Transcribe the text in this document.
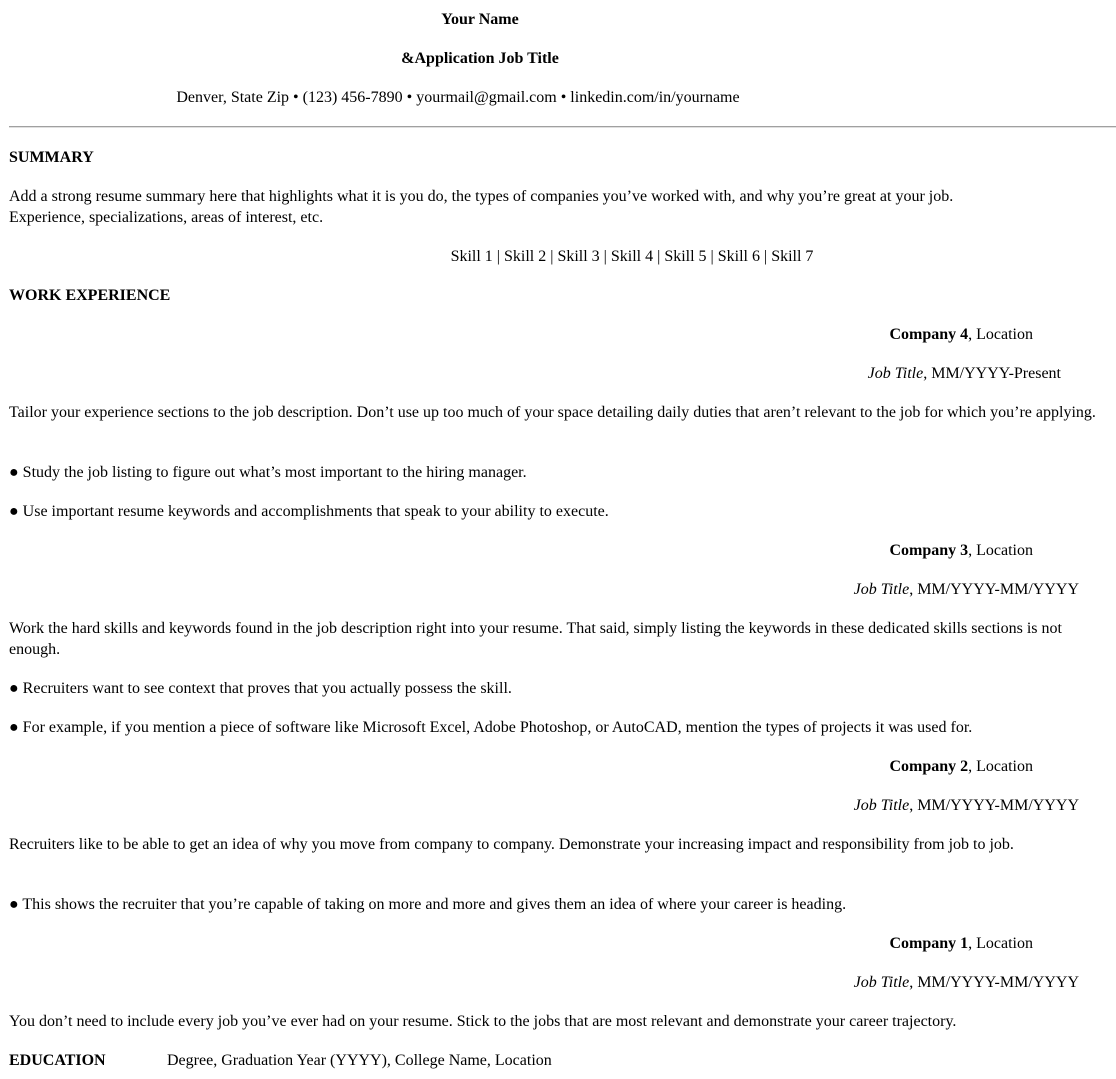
Your Name
&Application Job Title
Denver, State Zip • (123) 456-7890 • yourmail@gmail.com • linkedin.com/in/yourname
SUMMARY
Add a strong resume summary here that highlights what it is you do, the types of companies you’ve worked with, and why you’re great at your job. Experience, specializations, areas of interest, etc.
Skill 1 | Skill 2 | Skill 3 | Skill 4 | Skill 5 | Skill 6 | Skill 7
WORK EXPERIENCE
Company 4, Location
Job Title, MM/YYYY-Present
Tailor your experience sections to the job description. Don’t use up too much of your space detailing daily duties that aren’t relevant to the job for which you’re applying.
● Study the job listing to figure out what’s most important to the hiring manager.
● Use important resume keywords and accomplishments that speak to your ability to execute.
Company 3, Location
Job Title, MM/YYYY-MM/YYYY
Work the hard skills and keywords found in the job description right into your resume. That said, simply listing the keywords in these dedicated skills sections is not enough.
● Recruiters want to see context that proves that you actually possess the skill.
● For example, if you mention a piece of software like Microsoft Excel, Adobe Photoshop, or AutoCAD, mention the types of projects it was used for.
Company 2, Location
Job Title, MM/YYYY-MM/YYYY
Recruiters like to be able to get an idea of why you move from company to company. Demonstrate your increasing impact and responsibility from job to job.
● This shows the recruiter that you’re capable of taking on more and more and gives them an idea of where your career is heading.
Company 1, Location
Job Title, MM/YYYY-MM/YYYY
You don’t need to include every job you’ve ever had on your resume. Stick to the jobs that are most relevant and demonstrate your career trajectory.
EDUCATION	Degree, Graduation Year (YYYY), College Name, Location
